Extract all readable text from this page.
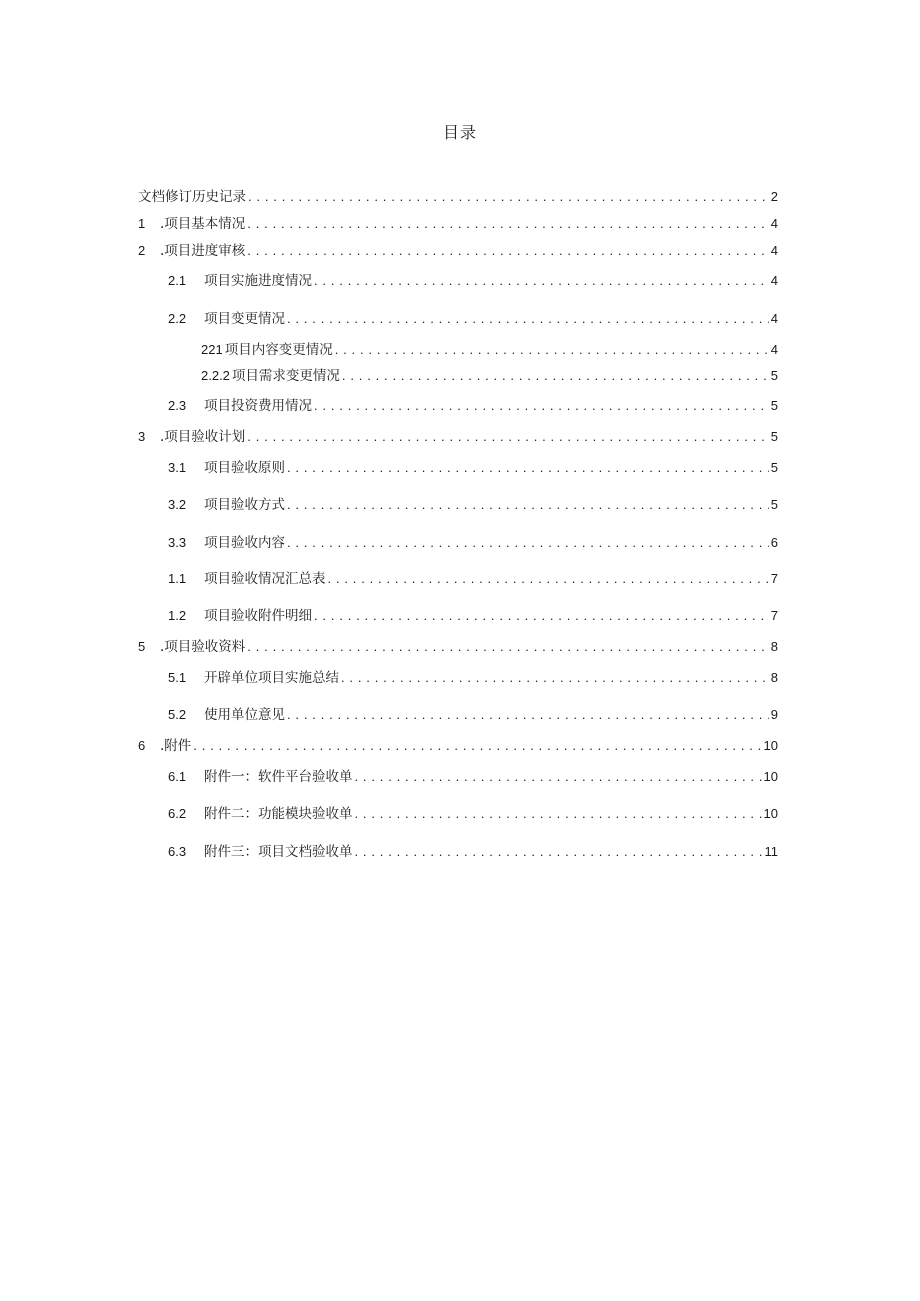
目录
文档修订历史记录 . . .	2
1	.项目基本情况 . . .	4
2	.项目进度审核 . . .	4
2.1	项目实施进度情况 . . .	4
2.2	项目变更情况 . . .	4
221 项目内容变更情况 . . .	4
2.2.2 项目需求变更情况 . . .	5
2.3	项目投资费用情况 . . .	5
3	.项目验收计划 . . .	5
3.1	项目验收原则 . . .	5
3.2	项目验收方式 . . .	5
3.3	项目验收内容 . . .	6
1.1	项目验收情况汇总表 . . .	7
1.2	项目验收附件明细 . . .	7
5	.项目验收资料 . . .	8
5.1	开辟单位项目实施总结 . . .	8
5.2	使用单位意见 . . .	9
6	.附件 . . .	10
6.1	附件一：软件平台验收单 . . .	10
6.2	附件二：功能模块验收单 . . .	10
6.3	附件三：项目文档验收单 . . .	11
